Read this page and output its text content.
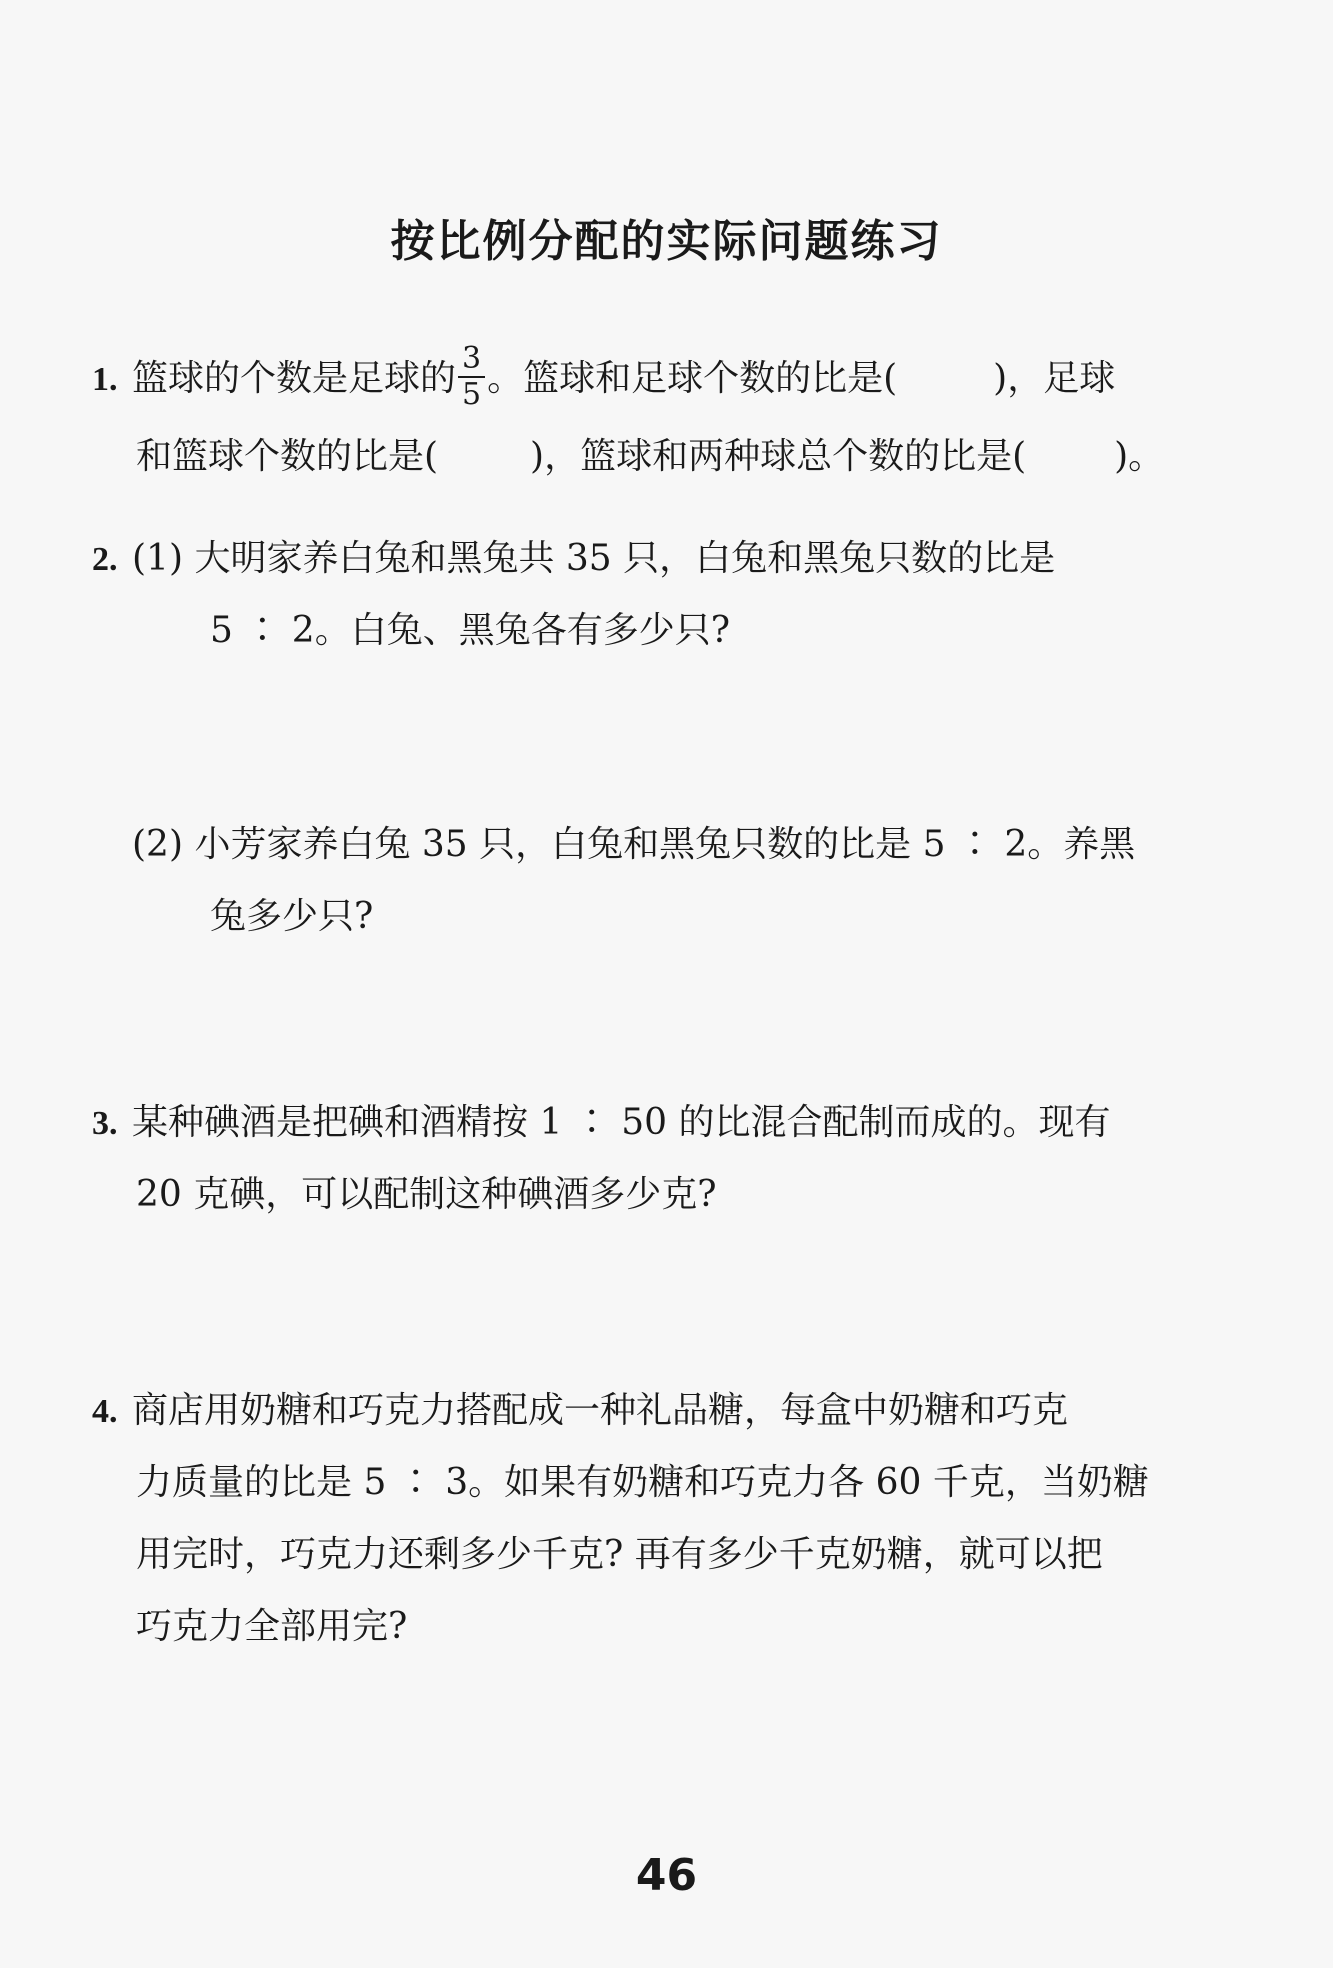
按比例分配的实际问题练习
1. 篮球的个数是足球的 $\frac{3}{5}$ 。篮球和足球个数的比是(	)，足球
和篮球个数的比是(	)，篮球和两种球总个数的比是( )。
2. (1) 大明家养白兔和黑兔共 35 只，白兔和黑兔只数的比是
5 ∶ 2。白兔、黑兔各有多少只?
(2) 小芳家养白兔 35 只，白兔和黑兔只数的比是 5 ∶ 2。养黑
兔多少只?
3. 某种碘酒是把碘和酒精按 1 ∶ 50 的比混合配制而成的。现有
20 克碘，可以配制这种碘酒多少克?
4. 商店用奶糖和巧克力搭配成一种礼品糖，每盒中奶糖和巧克
力质量的比是 5 ∶ 3。如果有奶糖和巧克力各 60 千克，当奶糖
用完时，巧克力还剩多少千克? 再有多少千克奶糖，就可以把
巧克力全部用完?
46
